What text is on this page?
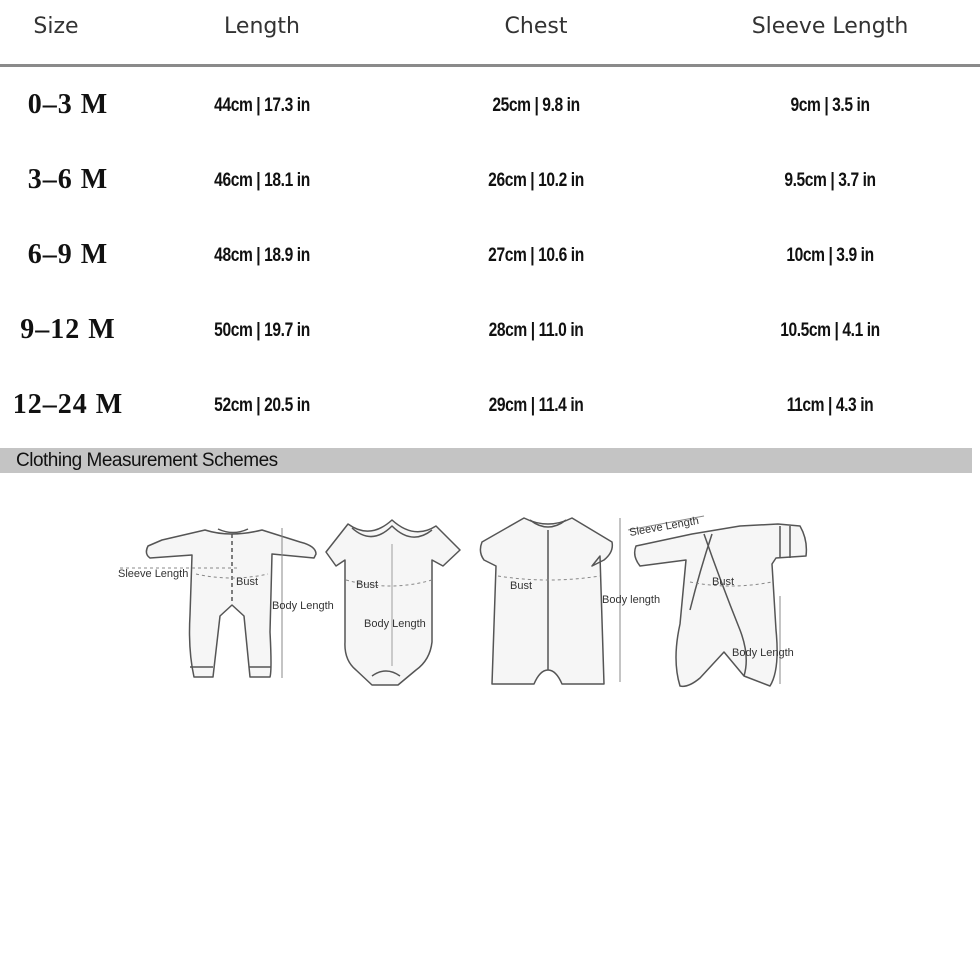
Size	Length	Chest	Sleeve Length
0–3 M	44cm | 17.3 in	25cm | 9.8 in	9cm | 3.5 in
3–6 M	46cm | 18.1 in	26cm | 10.2 in	9.5cm | 3.7 in
6–9 M	48cm | 18.9 in	27cm | 10.6 in	10cm | 3.9 in
9–12 M	50cm | 19.7 in	28cm | 11.0 in	10.5cm | 4.1 in
12–24 M	52cm | 20.5 in	29cm | 11.4 in	11cm | 4.3 in
Clothing Measurement Schemes
Sleeve Length
Bust
Body Length
Bust
Body Length
Bust
Body length
Sleeve Length
Bust
Body Length
